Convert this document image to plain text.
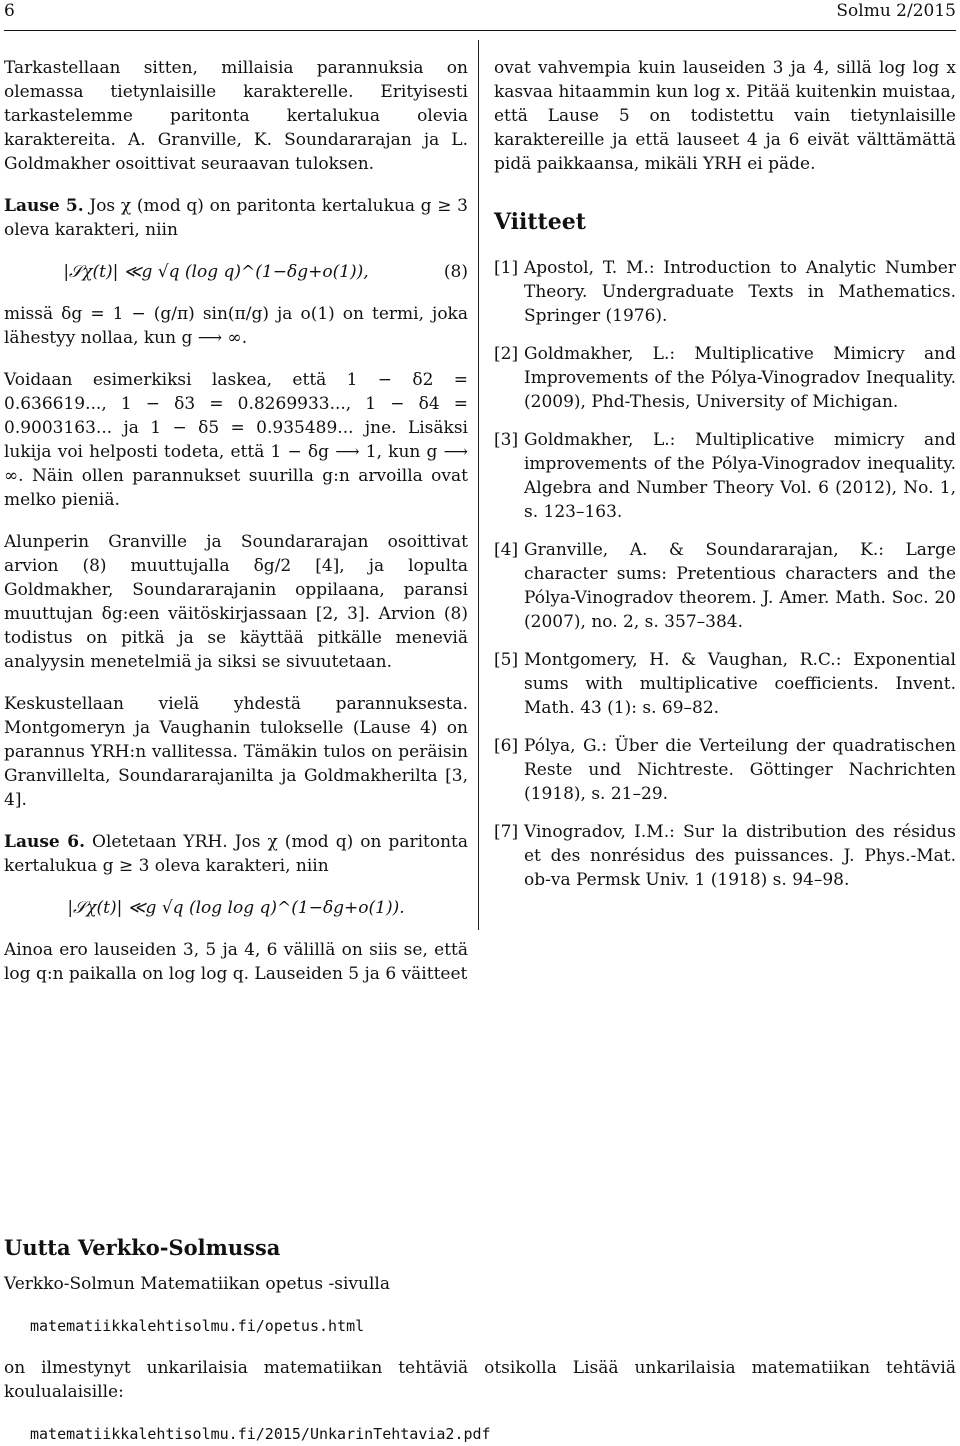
6	Solmu 2/2015

Tarkastellaan sitten, millaisia parannuksia on olemassa tietynlaisille karakterelle. Erityisesti tarkastelemme paritonta kertalukua olevia karaktereita. A. Granville, K. Soundararajan ja L. Goldmakher osoittivat seuraavan tuloksen.

Lause 5. Jos χ (mod q) on paritonta kertalukua g ≥ 3 oleva karakteri, niin

|𝒮χ(t)| ≪g √q (log q)^(1−δg+o(1)),	(8)

missä δg = 1 − (g/π) sin(π/g) ja o(1) on termi, joka lähestyy nollaa, kun g ⟶ ∞.

Voidaan esimerkiksi laskea, että 1 − δ2 = 0.636619..., 1 − δ3 = 0.8269933..., 1 − δ4 = 0.9003163... ja 1 − δ5 = 0.935489... jne. Lisäksi lukija voi helposti todeta, että 1 − δg ⟶ 1, kun g ⟶ ∞. Näin ollen parannukset suurilla g:n arvoilla ovat melko pieniä.

Alunperin Granville ja Soundararajan osoittivat arvion (8) muuttujalla δg/2 [4], ja lopulta Goldmakher, Soundararajanin oppilaana, paransi muuttujan δg:een väitöskirjassaan [2, 3]. Arvion (8) todistus on pitkä ja se käyttää pitkälle meneviä analyysin menetelmiä ja siksi se sivuutetaan.

Keskustellaan vielä yhdestä parannuksesta. Montgomeryn ja Vaughanin tulokselle (Lause 4) on parannus YRH:n vallitessa. Tämäkin tulos on peräisin Granvillelta, Soundararajanilta ja Goldmakherilta [3, 4].

Lause 6. Oletetaan YRH. Jos χ (mod q) on paritonta kertalukua g ≥ 3 oleva karakteri, niin

|𝒮χ(t)| ≪g √q (log log q)^(1−δg+o(1)).

Ainoa ero lauseiden 3, 5 ja 4, 6 välillä on siis se, että log q:n paikalla on log log q. Lauseiden 5 ja 6 väitteet

ovat vahvempia kuin lauseiden 3 ja 4, sillä log log x kasvaa hitaammin kun log x. Pitää kuitenkin muistaa, että Lause 5 on todistettu vain tietynlaisille karaktereille ja että lauseet 4 ja 6 eivät välttämättä pidä paikkaansa, mikäli YRH ei päde.

Viitteet
[1] Apostol, T. M.: Introduction to Analytic Number Theory. Undergraduate Texts in Mathematics. Springer (1976).
[2] Goldmakher, L.: Multiplicative Mimicry and Improvements of the Pólya-Vinogradov Inequality. (2009), Phd-Thesis, University of Michigan.
[3] Goldmakher, L.: Multiplicative mimicry and improvements of the Pólya-Vinogradov inequality. Algebra and Number Theory Vol. 6 (2012), No. 1, s. 123–163.
[4] Granville, A. & Soundararajan, K.: Large character sums: Pretentious characters and the Pólya-Vinogradov theorem. J. Amer. Math. Soc. 20 (2007), no. 2, s. 357–384.
[5] Montgomery, H. & Vaughan, R.C.: Exponential sums with multiplicative coefficients. Invent. Math. 43 (1): s. 69–82.
[6] Pólya, G.: Über die Verteilung der quadratischen Reste und Nichtreste. Göttinger Nachrichten (1918), s. 21–29.
[7] Vinogradov, I.M.: Sur la distribution des résidus et des nonrésidus des puissances. J. Phys.-Mat. ob-va Permsk Univ. 1 (1918) s. 94–98.
Uutta Verkko-Solmussa

Verkko-Solmun Matematiikan opetus -sivulla

matematiikkalehtisolmu.fi/opetus.html

on ilmestynyt unkarilaisia matematiikan tehtäviä otsikolla Lisää unkarilaisia matematiikan tehtäviä koulualaisille:

matematiikkalehtisolmu.fi/2015/UnkarinTehtavia2.pdf
